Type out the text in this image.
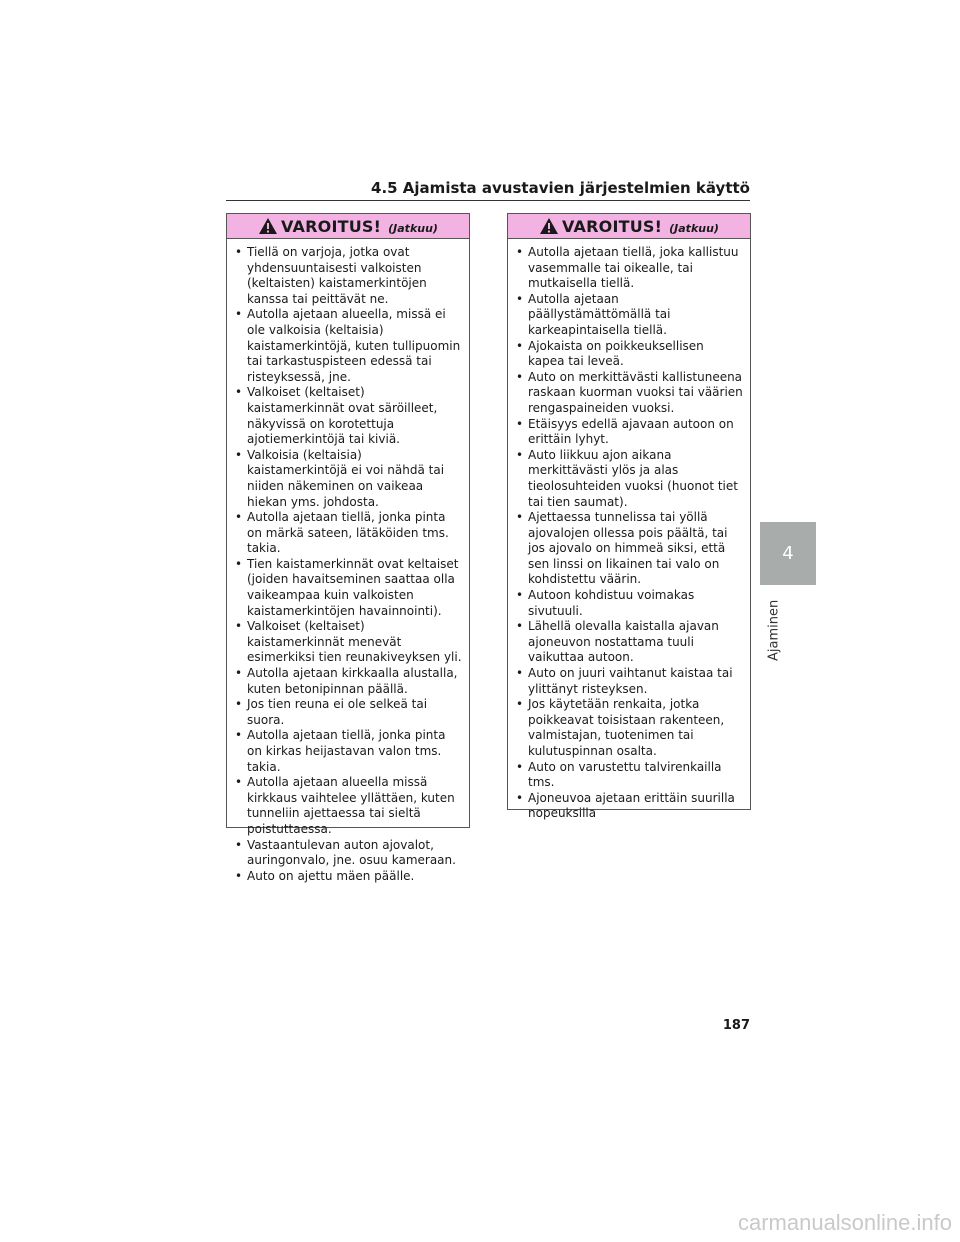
4.5 Ajamista avustavien järjestelmien käyttö
VAROITUS! (Jatkuu)
• Tiellä on varjoja, jotka ovat yhdensuuntaisesti valkoisten (keltaisten) kaistamerkintöjen kanssa tai peittävät ne.
• Autolla ajetaan alueella, missä ei ole valkoisia (keltaisia) kaistamerkintöjä, kuten tullipuomin tai tarkastuspisteen edessä tai risteyksessä, jne.
• Valkoiset (keltaiset) kaistamerkinnät ovat säröilleet, näkyvissä on korotettuja ajotiemerkintöjä tai kiviä.
• Valkoisia (keltaisia) kaistamerkintöjä ei voi nähdä tai niiden näkeminen on vaikeaa hiekan yms. johdosta.
• Autolla ajetaan tiellä, jonka pinta on märkä sateen, lätäköiden tms. takia.
• Tien kaistamerkinnät ovat keltaiset (joiden havaitseminen saattaa olla vaikeampaa kuin valkoisten kaistamerkintöjen havainnointi).
• Valkoiset (keltaiset) kaistamerkinnät menevät esimerkiksi tien reunakiveyksen yli.
• Autolla ajetaan kirkkaalla alustalla, kuten betonipinnan päällä.
• Jos tien reuna ei ole selkeä tai suora.
• Autolla ajetaan tiellä, jonka pinta on kirkas heijastavan valon tms. takia.
• Autolla ajetaan alueella missä kirkkaus vaihtelee yllättäen, kuten tunneliin ajettaessa tai sieltä poistuttaessa.
• Vastaantulevan auton ajovalot, auringonvalo, jne. osuu kameraan.
• Auto on ajettu mäen päälle.
VAROITUS! (Jatkuu)
• Autolla ajetaan tiellä, joka kallistuu vasemmalle tai oikealle, tai mutkaisella tiellä.
• Autolla ajetaan päällystämättömällä tai karkeapintaisella tiellä.
• Ajokaista on poikkeuksellisen kapea tai leveä.
• Auto on merkittävästi kallistuneena raskaan kuorman vuoksi tai väärien rengaspaineiden vuoksi.
• Etäisyys edellä ajavaan autoon on erittäin lyhyt.
• Auto liikkuu ajon aikana merkittävästi ylös ja alas tieolosuhteiden vuoksi (huonot tiet tai tien saumat).
• Ajettaessa tunnelissa tai yöllä ajovalojen ollessa pois päältä, tai jos ajovalo on himmeä siksi, että sen linssi on likainen tai valo on kohdistettu väärin.
• Autoon kohdistuu voimakas sivutuuli.
• Lähellä olevalla kaistalla ajavan ajoneuvon nostattama tuuli vaikuttaa autoon.
• Auto on juuri vaihtanut kaistaa tai ylittänyt risteyksen.
• Jos käytetään renkaita, jotka poikkeavat toisistaan rakenteen, valmistajan, tuotenimen tai kulutuspinnan osalta.
• Auto on varustettu talvirenkailla tms.
• Ajoneuvoa ajetaan erittäin suurilla nopeuksilla
4
Ajaminen
187
carmanualsonline.info
